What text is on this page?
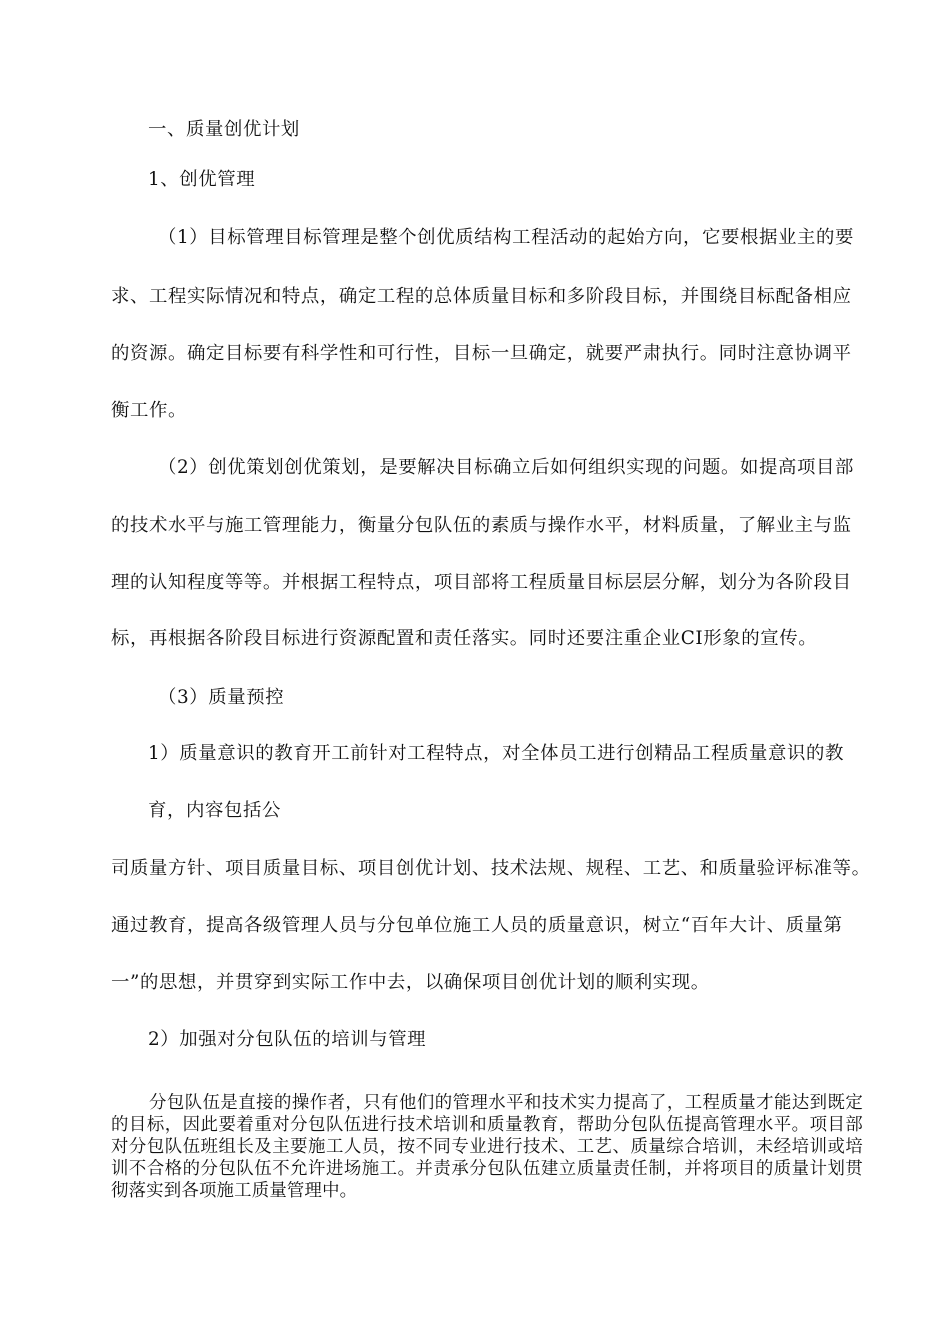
一、质量创优计划
1、创优管理
（1）目标管理目标管理是整个创优质结构工程活动的起始方向，它要根据业主的要
求、工程实际情况和特点，确定工程的总体质量目标和多阶段目标，并围绕目标配备相应
的资源。确定目标要有科学性和可行性，目标一旦确定，就要严肃执行。同时注意协调平
衡工作。
（2）创优策划创优策划，是要解决目标确立后如何组织实现的问题。如提高项目部
的技术水平与施工管理能力，衡量分包队伍的素质与操作水平，材料质量，了解业主与监
理的认知程度等等。并根据工程特点，项目部将工程质量目标层层分解，划分为各阶段目
标，再根据各阶段目标进行资源配置和责任落实。同时还要注重企业CI形象的宣传。
（3）质量预控
1）质量意识的教育开工前针对工程特点，对全体员工进行创精品工程质量意识的教
育，内容包括公
司质量方针、项目质量目标、项目创优计划、技术法规、规程、工艺、和质量验评标准等。
通过教育，提高各级管理人员与分包单位施工人员的质量意识，树立“百年大计、质量第
一”的思想，并贯穿到实际工作中去，以确保项目创优计划的顺利实现。
2）加强对分包队伍的培训与管理
分包队伍是直接的操作者，只有他们的管理水平和技术实力提高了，工程质量才能达到既定的目标，因此要着重对分包队伍进行技术培训和质量教育，帮助分包队伍提高管理水平。项目部对分包队伍班组长及主要施工人员，按不同专业进行技术、工艺、质量综合培训，未经培训或培训不合格的分包队伍不允许进场施工。并责承分包队伍建立质量责任制，并将项目的质量计划贯彻落实到各项施工质量管理中。
